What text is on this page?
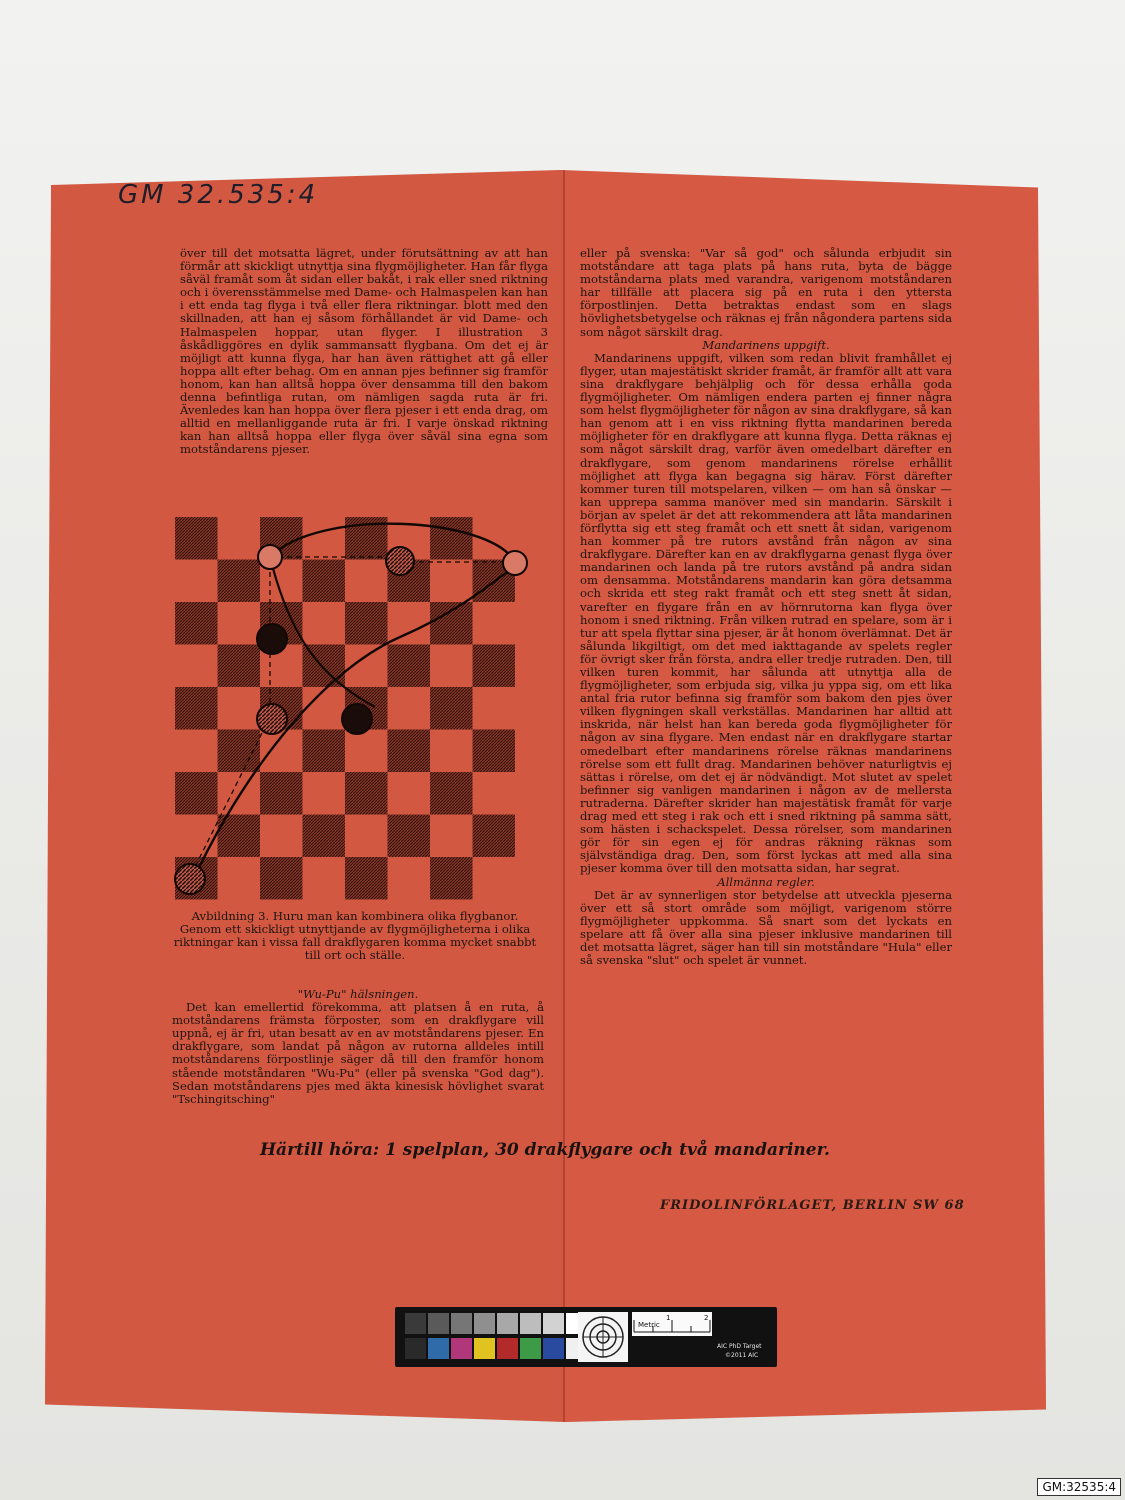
GM 32.535:4

över till det motsatta lägret, under förutsättning av att han förmår att skickligt utnyttja sina flygmöjligheter. Han får flyga såväl framåt som åt sidan eller bakåt, i rak eller sned riktning och i överensstämmelse med Dame- och Halmaspelen kan han i ett enda tag flyga i två eller flera riktningar. blott med den skillnaden, att han ej såsom förhållandet är vid Dame- och Halmaspelen hoppar, utan flyger. I illustration 3 åskådliggöres en dylik sammansatt flygbana. Om det ej är möjligt att kunna flyga, har han även rättighet att gå eller hoppa allt efter behag. Om en annan pjes befinner sig framför honom, kan han alltså hoppa över densamma till den bakom denna befintliga rutan, om nämligen sagda ruta är fri. Ävenledes kan han hoppa över flera pjeser i ett enda drag, om alltid en mellanliggande ruta är fri. I varje önskad riktning kan han alltså hoppa eller flyga över såväl sina egna som motståndarens pjeser.

Avbildning 3. Huru man kan kombinera olika flygbanor. Genom ett skickligt utnyttjande av flygmöjligheterna i olika riktningar kan i vissa fall drakflygaren komma mycket snabbt till ort och ställe.

"Wu-Pu" hälsningen.

Det kan emellertid förekomma, att platsen å en ruta, å motståndarens främsta förposter, som en drakflygare vill uppnå, ej är fri, utan besatt av en av motståndarens pjeser. En drakflygare, som landat på någon av rutorna alldeles intill motståndarens förpostlinje säger då till den framför honom stående motståndaren "Wu-Pu" (eller på svenska "God dag"). Sedan motståndarens pjes med äkta kinesisk hövlighet svarat "Tschingitsching"

eller på svenska: "Var så god" och sålunda erbjudit sin motståndare att taga plats på hans ruta, byta de bägge motståndarna plats med varandra, varigenom motståndaren har tillfälle att placera sig på en ruta i den yttersta förpostlinjen. Detta betraktas endast som en slags hövlighetsbetygelse och räknas ej från någondera partens sida som något särskilt drag.

Mandarinens uppgift.

Mandarinens uppgift, vilken som redan blivit framhållet ej flyger, utan majestätiskt skrider framåt, är framför allt att vara sina drakflygare behjälplig och för dessa erhålla goda flygmöjligheter. Om nämligen endera parten ej finner några som helst flygmöjligheter för någon av sina drakflygare, så kan han genom att i en viss riktning flytta mandarinen bereda möjligheter för en drakflygare att kunna flyga. Detta räknas ej som något särskilt drag, varför även omedelbart därefter en drakflygare, som genom mandarinens rörelse erhållit möjlighet att flyga kan begagna sig härav. Först därefter kommer turen till motspelaren, vilken — om han så önskar — kan upprepa samma manöver med sin mandarin. Särskilt i början av spelet är det att rekommendera att låta mandarinen förflytta sig ett steg framåt och ett snett åt sidan, varigenom han kommer på tre rutors avstånd från någon av sina drakflygare. Därefter kan en av drakflygarna genast flyga över mandarinen och landa på tre rutors avstånd på andra sidan om densamma. Motståndarens mandarin kan göra detsamma och skrida ett steg rakt framåt och ett steg snett åt sidan, varefter en flygare från en av hörnrutorna kan flyga över honom i sned riktning. Från vilken rutrad en spelare, som är i tur att spela flyttar sina pjeser, är åt honom överlämnat. Det är sålunda likgiltigt, om det med iakttagande av spelets regler för övrigt sker från första, andra eller tredje rutraden. Den, till vilken turen kommit, har sålunda att utnyttja alla de flygmöjligheter, som erbjuda sig, vilka ju yppa sig, om ett lika antal fria rutor befinna sig framför som bakom den pjes över vilken flygningen skall verkställas. Mandarinen har alltid att inskrida, när helst han kan bereda goda flygmöjligheter för någon av sina flygare. Men endast när en drakflygare startar omedelbart efter mandarinens rörelse räknas mandarinens rörelse som ett fullt drag. Mandarinen behöver naturligtvis ej sättas i rörelse, om det ej är nödvändigt. Mot slutet av spelet befinner sig vanligen mandarinen i någon av de mellersta rutraderna. Därefter skrider han majestätisk framåt för varje drag med ett steg i rak och ett i sned riktning på samma sätt, som hästen i schackspelet. Dessa rörelser, som mandarinen gör för sin egen ej för andras räkning räknas som självständiga drag. Den, som först lyckas att med alla sina pjeser komma över till den motsatta sidan, har segrat.

Allmänna regler.

Det är av synnerligen stor betydelse att utveckla pjeserna över ett så stort område som möjligt, varigenom större flygmöjligheter uppkomma. Så snart som det lyckats en spelare att få över alla sina pjeser inklusive mandarinen till det motsatta lägret, säger han till sin motståndare "Hula" eller så svenska "slut" och spelet är vunnet.

Härtill höra: 1 spelplan, 30 drakflygare och två mandariner.
FRIDOLINFÖRLAGET, BERLIN SW 68
AIC PhD Target
©2011 AIC
Metric
1	2
GM:32535:4
